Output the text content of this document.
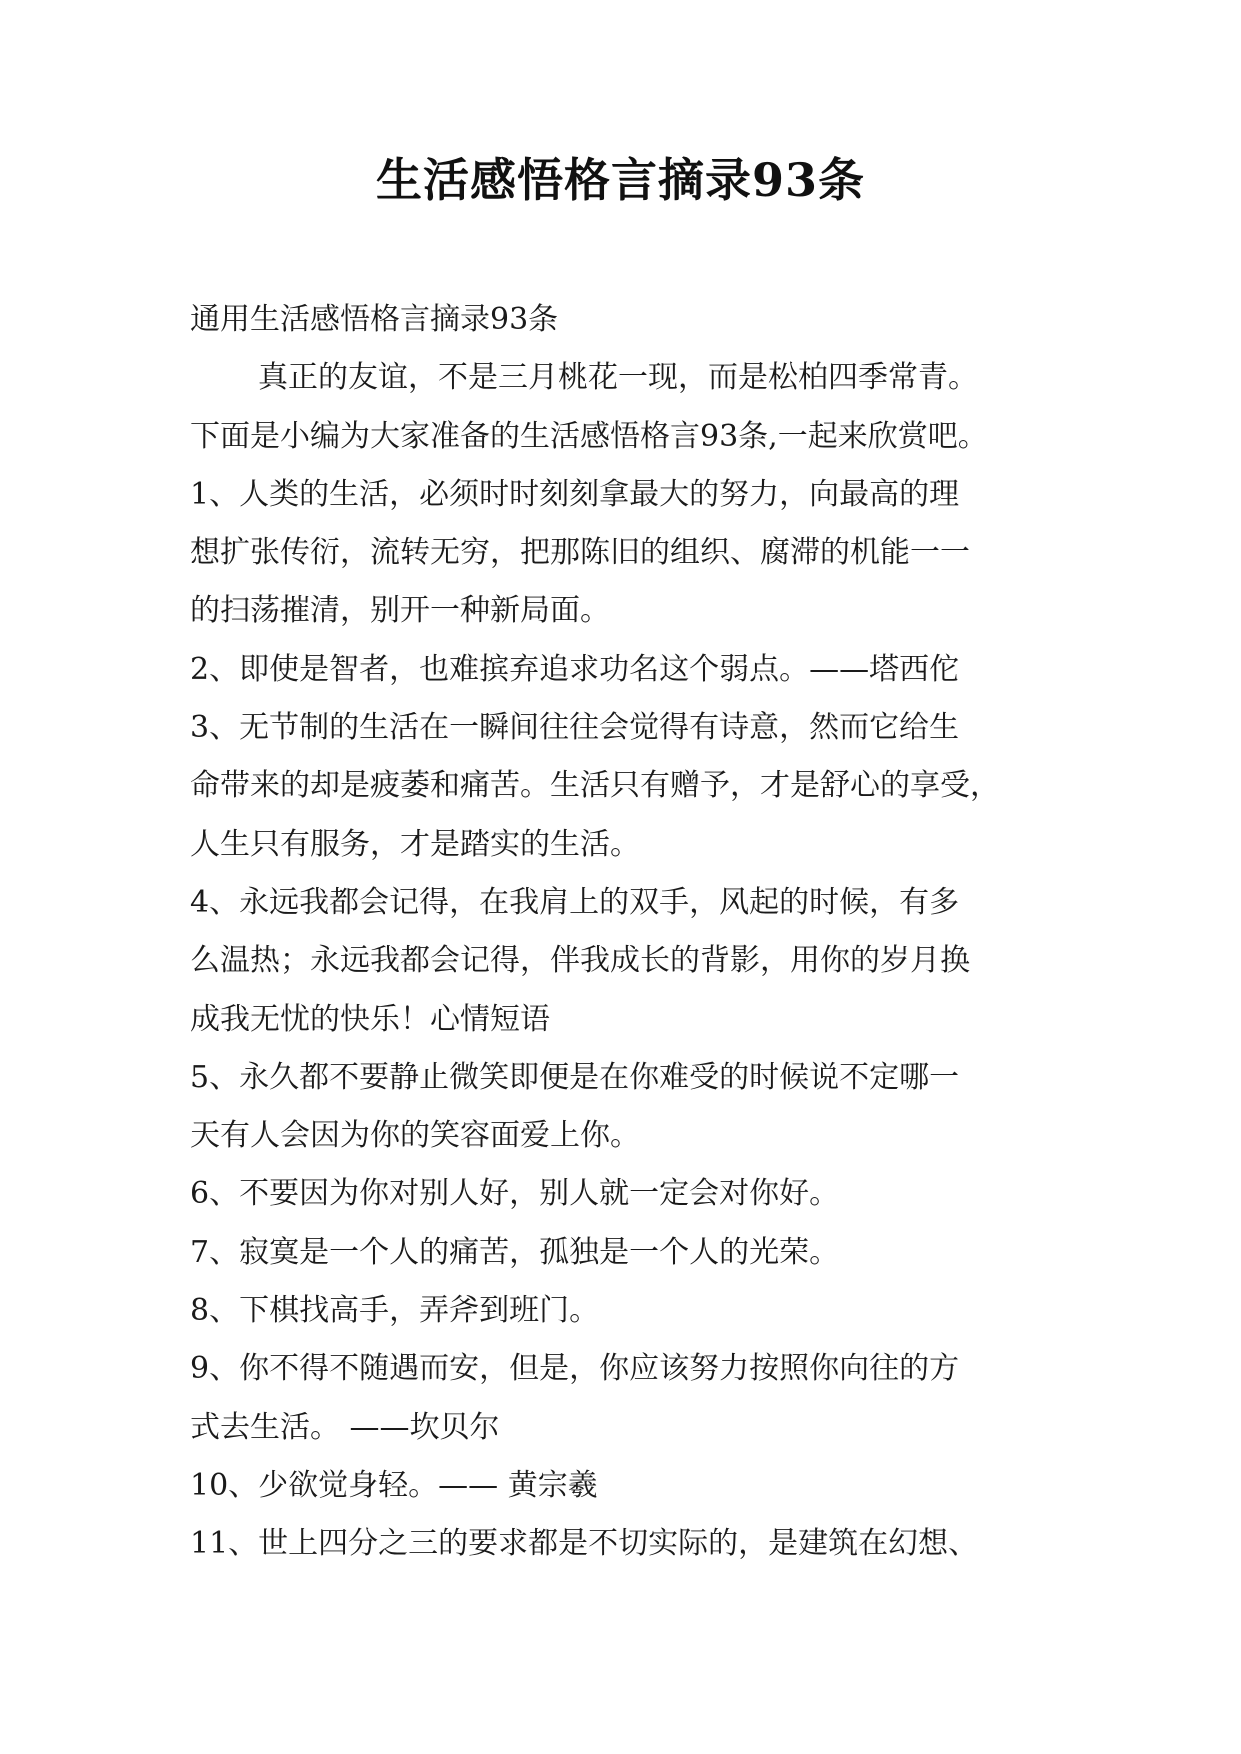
生活感悟格言摘录93条
通用生活感悟格言摘录93条
真正的友谊，不是三月桃花一现，而是松柏四季常青。
下面是小编为大家准备的生活感悟格言93条,一起来欣赏吧。
1、人类的生活，必须时时刻刻拿最大的努力，向最高的理
想扩张传衍，流转无穷，把那陈旧的组织、腐滞的机能一一
的扫荡摧清，别开一种新局面。
2、即使是智者，也难摈弃追求功名这个弱点。——塔西佗
3、无节制的生活在一瞬间往往会觉得有诗意，然而它给生
命带来的却是疲萎和痛苦。生活只有赠予，才是舒心的享受，
人生只有服务，才是踏实的生活。
4、永远我都会记得，在我肩上的双手，风起的时候，有多
么温热；永远我都会记得，伴我成长的背影，用你的岁月换
成我无忧的快乐！心情短语
5、永久都不要静止微笑即便是在你难受的时候说不定哪一
天有人会因为你的笑容面爱上你。
6、不要因为你对别人好，别人就一定会对你好。
7、寂寞是一个人的痛苦，孤独是一个人的光荣。
8、下棋找高手，弄斧到班门。
9、你不得不随遇而安，但是，你应该努力按照你向往的方
式去生活。 ——坎贝尔
10、少欲觉身轻。—— 黄宗羲
11、世上四分之三的要求都是不切实际的，是建筑在幻想、
